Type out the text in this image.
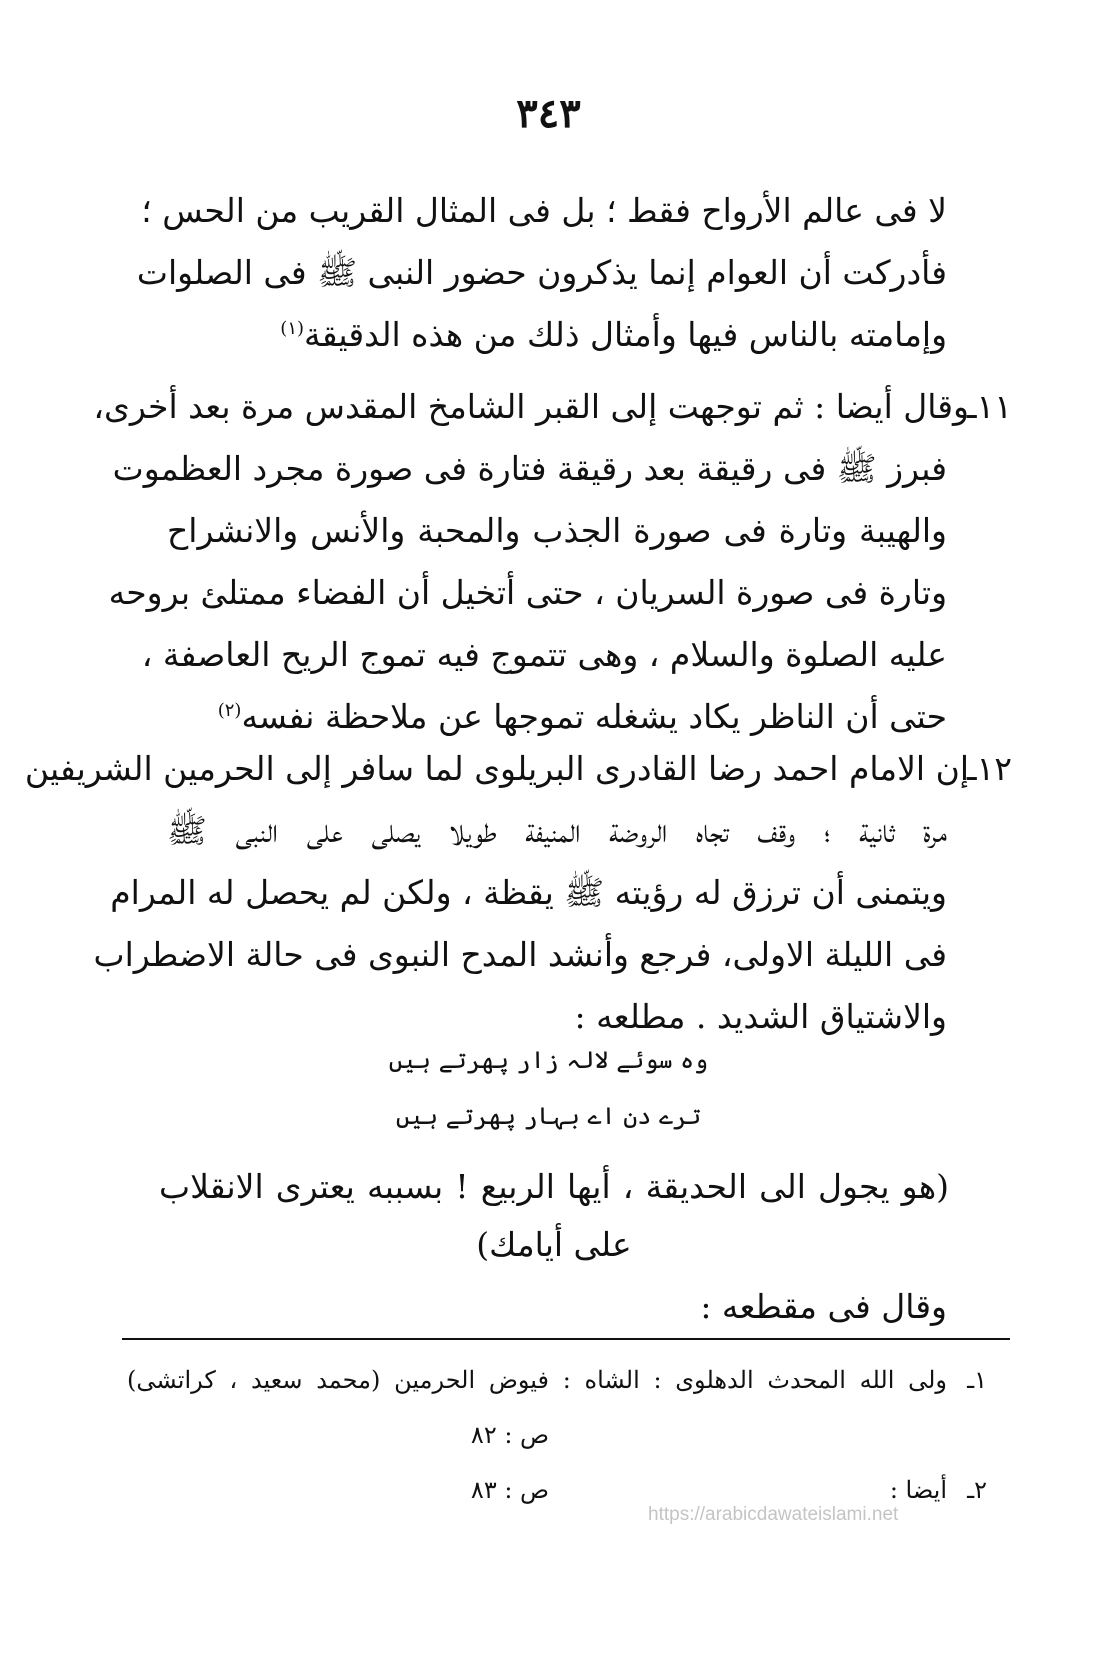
٣٤٣
لا فى عالم الأرواح فقط ؛ بل فى المثال القريب من الحس ؛
فأدركت أن العوام إنما يذكرون حضور النبى ﷺ فى الصلوات
وإمامته بالناس فيها وأمثال ذلك من هذه الدقيقة$^{(١)}$
١١ـ
وقال أيضا : ثم توجهت إلى القبر الشامخ المقدس مرة بعد أخرى،
فبرز ﷺ فى رقيقة بعد رقيقة فتارة فى صورة مجرد العظموت
والهيبة وتارة فى صورة الجذب والمحبة والأنس والانشراح
وتارة فى صورة السريان ، حتى أتخيل أن الفضاء ممتلئ بروحه
عليه الصلوة والسلام ، وهى تتموج فيه تموج الريح العاصفة ،
حتى أن الناظر يكاد يشغله تموجها عن ملاحظة نفسه$^{(٢)}$
١٢ـ
إن الامام احمد رضا القادرى البريلوى لما سافر إلى الحرمين الشريفين
مرة ثانية ؛ وقف تجاه الروضة المنيفة طويلا يصلى على النبى ﷺ
ويتمنى أن ترزق له رؤيته ﷺ يقظة ، ولكن لم يحصل له المرام
فى الليلة الاولى، فرجع وأنشد المدح النبوى فى حالة الاضطراب
والاشتياق الشديد . مطلعه :
وہ سوئے لالہ زار پھرتے ہیں
ترے دن اے بہار پھرتے ہیں
(هو يجول الى الحديقة ، أيها الربيع ! بسببه يعترى الانقلاب
على أيامك)
وقال فى مقطعه :
١ـ
ولى الله المحدث الدهلوى : الشاه : فيوض الحرمين (محمد سعيد ، كراتشى)
ص : ٨٢
٢ـ
أيضا :
ص : ٨٣
https://arabicdawateislami.net
